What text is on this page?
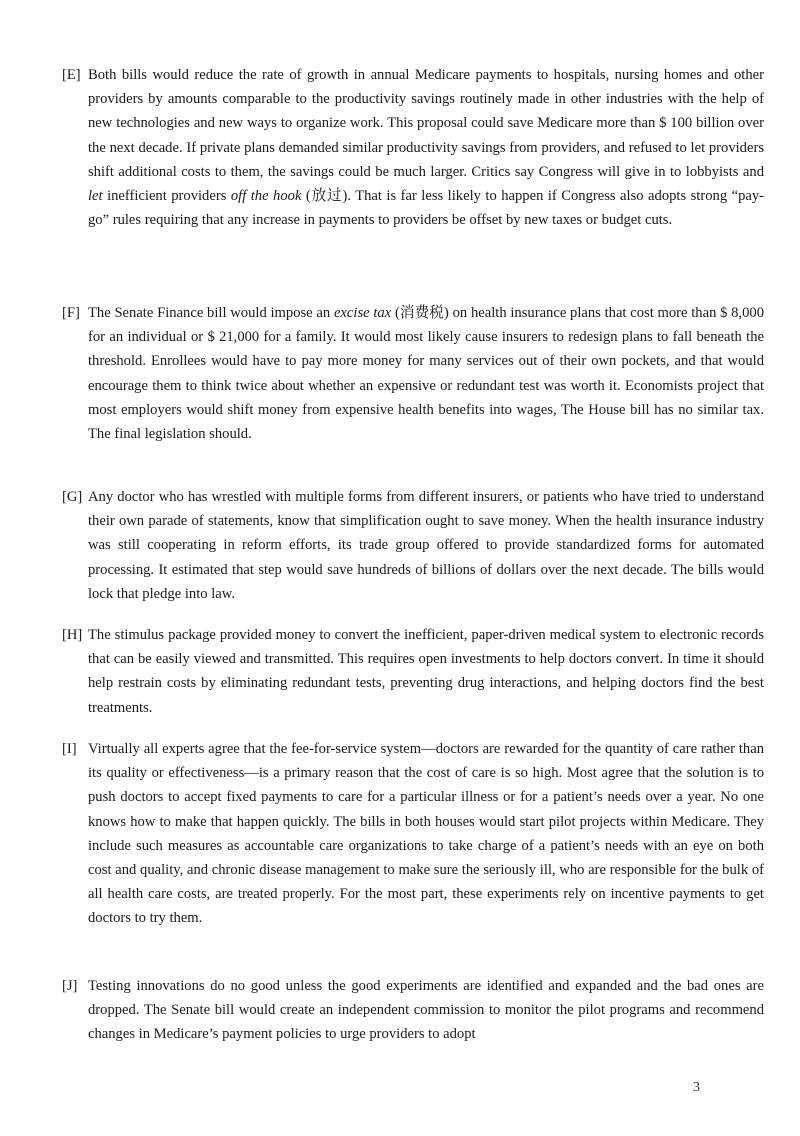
[E] Both bills would reduce the rate of growth in annual Medicare payments to hospitals, nursing homes and other providers by amounts comparable to the productivity savings routinely made in other industries with the help of new technologies and new ways to organize work. This proposal could save Medicare more than $ 100 billion over the next decade. If private plans demanded similar productivity savings from providers, and refused to let providers shift additional costs to them, the savings could be much larger. Critics say Congress will give in to lobbyists and let inefficient providers off the hook (放过). That is far less likely to happen if Congress also adopts strong “pay-go” rules requiring that any increase in payments to providers be offset by new taxes or budget cuts.

[F] The Senate Finance bill would impose an excise tax (消费税) on health insurance plans that cost more than $ 8,000 for an individual or $ 21,000 for a family. It would most likely cause insurers to redesign plans to fall beneath the threshold. Enrollees would have to pay more money for many services out of their own pockets, and that would encourage them to think twice about whether an expensive or redundant test was worth it. Economists project that most employers would shift money from expensive health benefits into wages, The House bill has no similar tax. The final legislation should.

[G] Any doctor who has wrestled with multiple forms from different insurers, or patients who have tried to understand their own parade of statements, know that simplification ought to save money. When the health insurance industry was still cooperating in reform efforts, its trade group offered to provide standardized forms for automated processing. It estimated that step would save hundreds of billions of dollars over the next decade. The bills would lock that pledge into law.

[H] The stimulus package provided money to convert the inefficient, paper-driven medical system to electronic records that can be easily viewed and transmitted. This requires open investments to help doctors convert. In time it should help restrain costs by eliminating redundant tests, preventing drug interactions, and helping doctors find the best treatments.

[I] Virtually all experts agree that the fee-for-service system—doctors are rewarded for the quantity of care rather than its quality or effectiveness—is a primary reason that the cost of care is so high. Most agree that the solution is to push doctors to accept fixed payments to care for a particular illness or for a patient’s needs over a year. No one knows how to make that happen quickly. The bills in both houses would start pilot projects within Medicare. They include such measures as accountable care organizations to take charge of a patient’s needs with an eye on both cost and quality, and chronic disease management to make sure the seriously ill, who are responsible for the bulk of all health care costs, are treated properly. For the most part, these experiments rely on incentive payments to get doctors to try them.

[J] Testing innovations do no good unless the good experiments are identified and expanded and the bad ones are dropped. The Senate bill would create an independent commission to monitor the pilot programs and recommend changes in Medicare’s payment policies to urge providers to adopt

3
